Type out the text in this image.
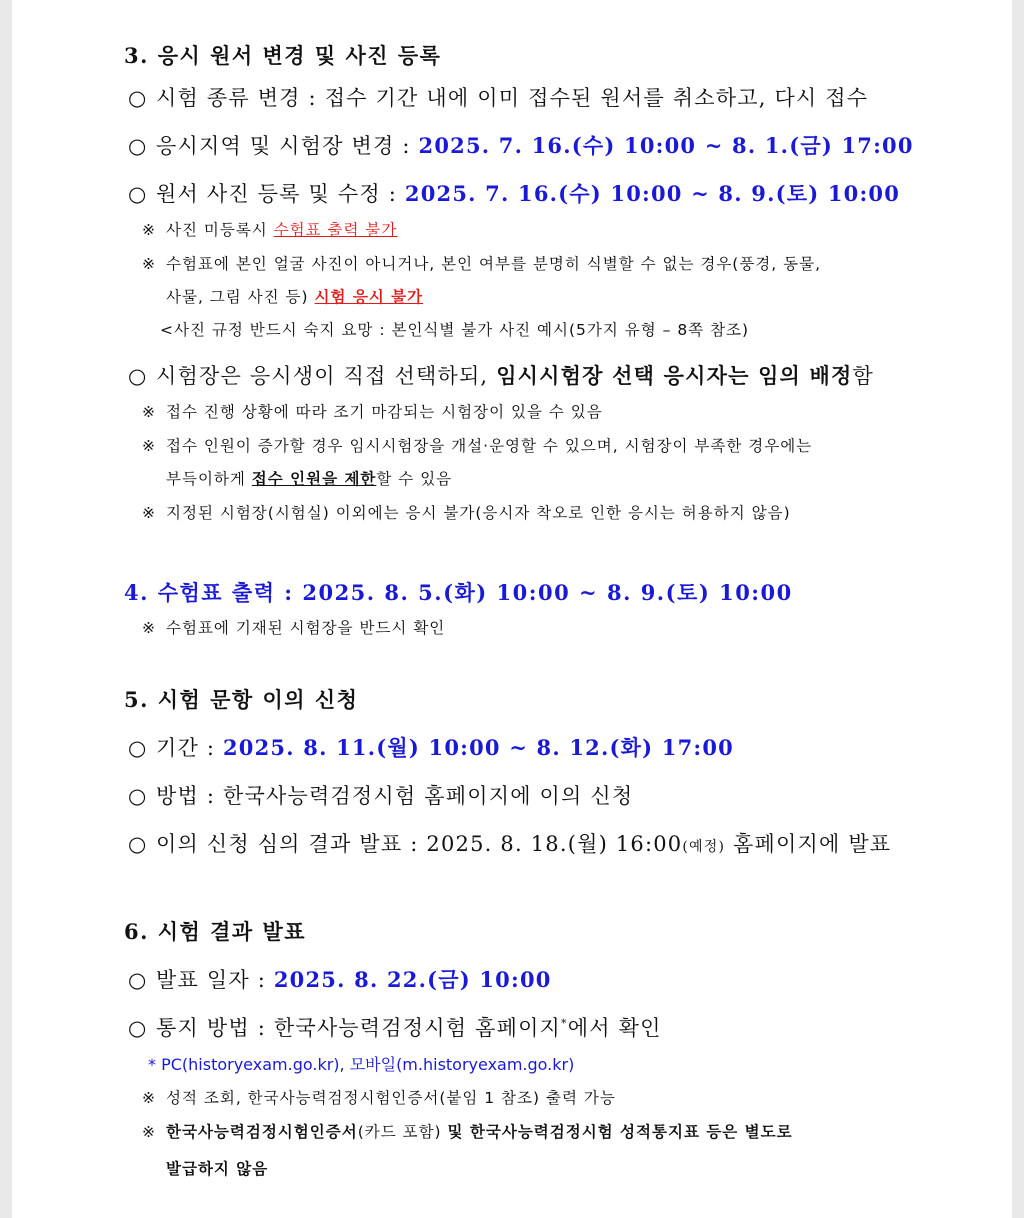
3. 응시 원서 변경 및 사진 등록
○ 시험 종류 변경 : 접수 기간 내에 이미 접수된 원서를 취소하고, 다시 접수
○ 응시지역 및 시험장 변경 : 2025. 7. 16.(수) 10:00 ~ 8. 1.(금) 17:00
○ 원서 사진 등록 및 수정 : 2025. 7. 16.(수) 10:00 ~ 8. 9.(토) 10:00
※ 사진 미등록시 수험표 출력 불가
※ 수험표에 본인 얼굴 사진이 아니거나, 본인 여부를 분명히 식별할 수 없는 경우(풍경, 동물,
사물, 그림 사진 등) 시험 응시 불가
<사진 규정 반드시 숙지 요망 : 본인식별 불가 사진 예시(5가지 유형 – 8쪽 참조)
○ 시험장은 응시생이 직접 선택하되, 임시시험장 선택 응시자는 임의 배정함
※ 접수 진행 상황에 따라 조기 마감되는 시험장이 있을 수 있음
※ 접수 인원이 증가할 경우 임시시험장을 개설·운영할 수 있으며, 시험장이 부족한 경우에는
부득이하게 접수 인원을 제한할 수 있음
※ 지정된 시험장(시험실) 이외에는 응시 불가(응시자 착오로 인한 응시는 허용하지 않음)
4. 수험표 출력 : 2025. 8. 5.(화) 10:00 ~ 8. 9.(토) 10:00
※ 수험표에 기재된 시험장을 반드시 확인
5. 시험 문항 이의 신청
○ 기간 : 2025. 8. 11.(월) 10:00 ~ 8. 12.(화) 17:00
○ 방법 : 한국사능력검정시험 홈페이지에 이의 신청
○ 이의 신청 심의 결과 발표 : 2025. 8. 18.(월) 16:00(예정) 홈페이지에 발표
6. 시험 결과 발표
○ 발표 일자 : 2025. 8. 22.(금) 10:00
○ 통지 방법 : 한국사능력검정시험 홈페이지*에서 확인
* PC(historyexam.go.kr), 모바일(m.historyexam.go.kr)
※ 성적 조회, 한국사능력검정시험인증서(붙임 1 참조) 출력 가능
※ 한국사능력검정시험인증서(카드 포함) 및 한국사능력검정시험 성적통지표 등은 별도로
발급하지 않음
